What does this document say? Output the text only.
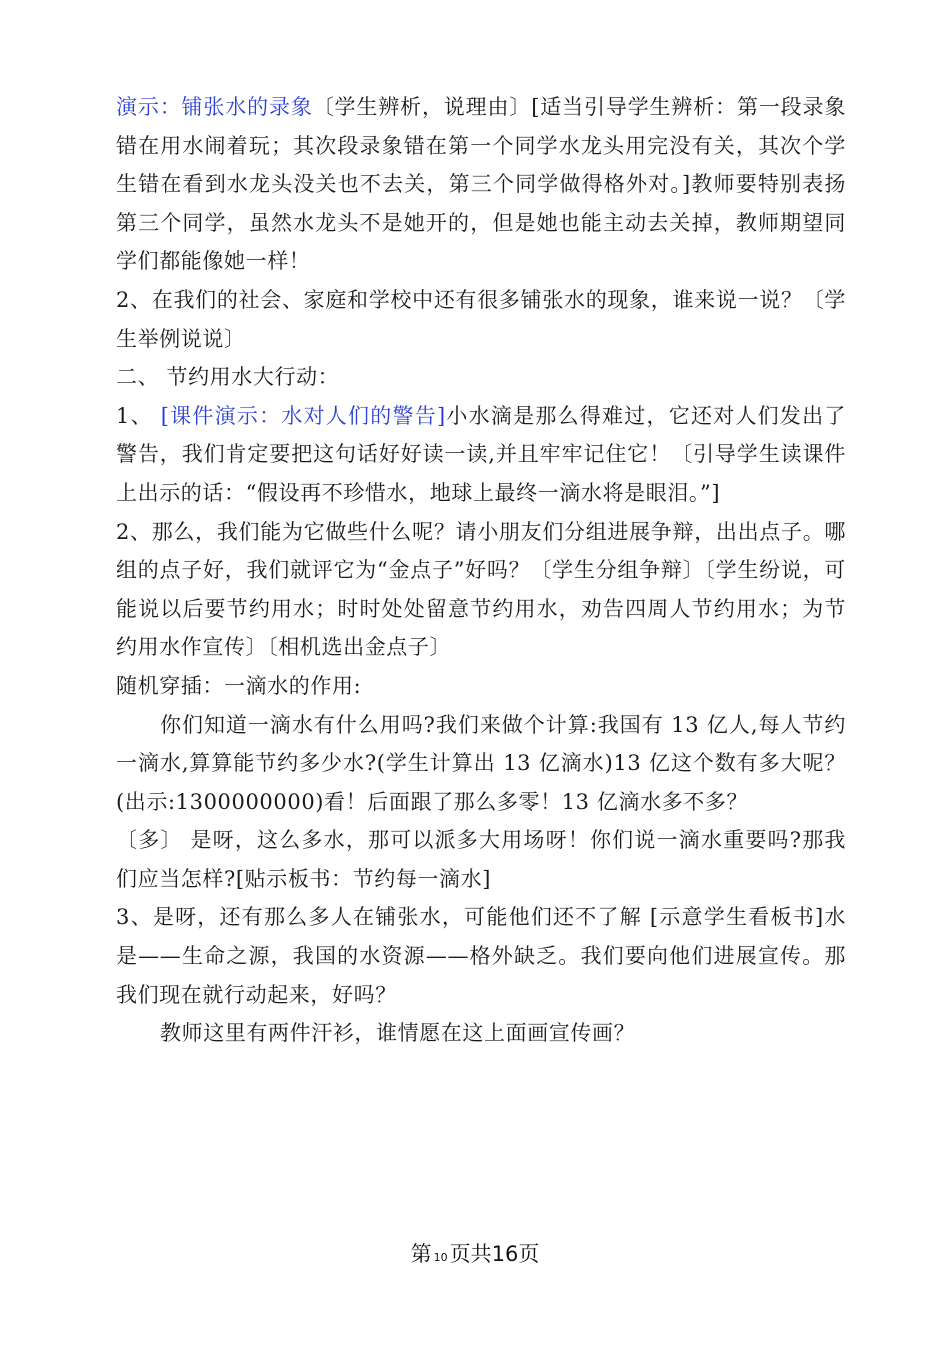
演示：铺张水的录象〔学生辨析，说理由〕[适当引导学生辨析：第一段录象错在用水闹着玩；其次段录象错在第一个同学水龙头用完没有关，其次个学生错在看到水龙头没关也不去关，第三个同学做得格外对。]教师要特别表扬第三个同学，虽然水龙头不是她开的，但是她也能主动去关掉，教师期望同学们都能像她一样！

2、在我们的社会、家庭和学校中还有很多铺张水的现象，谁来说一说？〔学生举例说说〕

二、 节约用水大行动：

1、 [课件演示：水对人们的警告]小水滴是那么得难过，它还对人们发出了警告，我们肯定要把这句话好好读一读,并且牢牢记住它！〔引导学生读课件上出示的话：“假设再不珍惜水，地球上最终一滴水将是眼泪。”]

2、那么，我们能为它做些什么呢？请小朋友们分组进展争辩，出出点子。哪组的点子好，我们就评它为“金点子”好吗？〔学生分组争辩〕〔学生纷说，可能说以后要节约用水；时时处处留意节约用水，劝告四周人节约用水；为节约用水作宣传〕〔相机选出金点子〕

随机穿插：一滴水的作用:

你们知道一滴水有什么用吗?我们来做个计算:我国有 13 亿人,每人节约一滴水,算算能节约多少水?(学生计算出 13 亿滴水)13 亿这个数有多大呢？(出示:1300000000)看！后面跟了那么多零！13 亿滴水多不多？

〔多〕 是呀，这么多水，那可以派多大用场呀！你们说一滴水重要吗?那我们应当怎样?[贴示板书：节约每一滴水]

3、是呀，还有那么多人在铺张水，可能他们还不了解 [示意学生看板书]水是——生命之源，我国的水资源——格外缺乏。我们要向他们进展宣传。那我们现在就行动起来，好吗？

教师这里有两件汗衫，谁情愿在这上面画宣传画？

第 10页共16页
